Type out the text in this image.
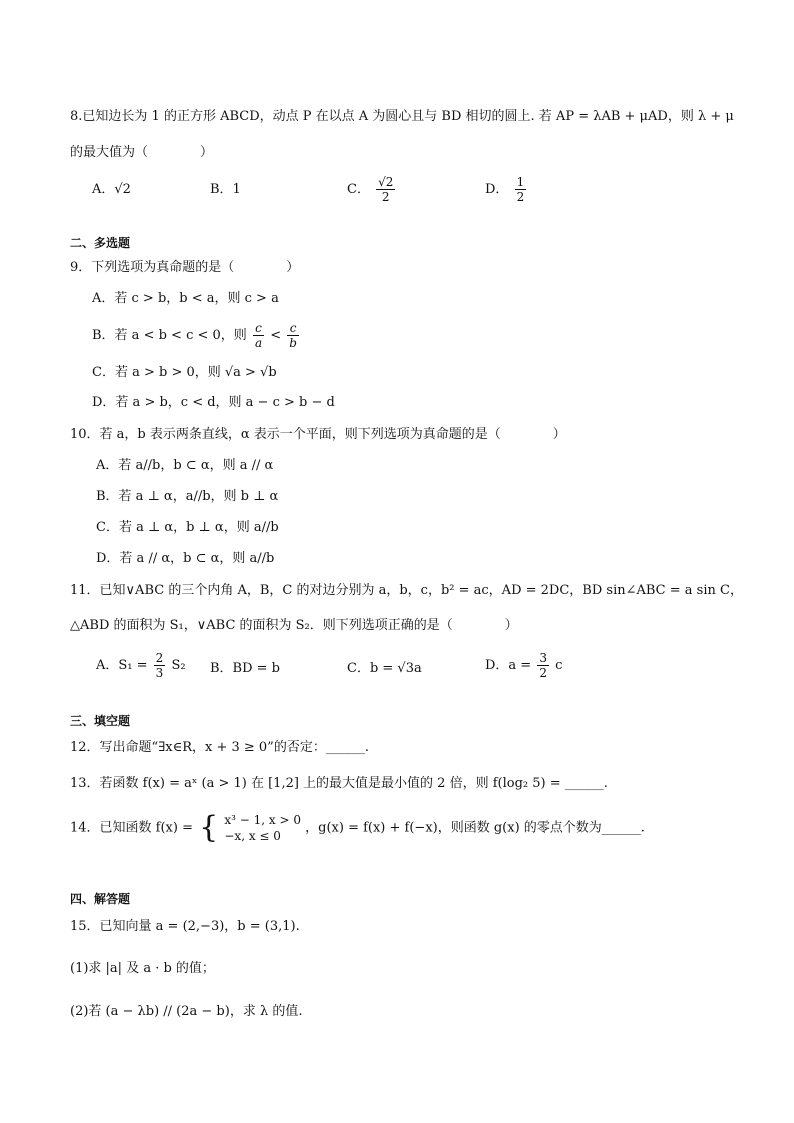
8.已知边长为 1 的正方形 ABCD，动点 P 在以点 A 为圆心且与 BD 相切的圆上. 若 AP = λAB + μAD，则 λ + μ
的最大值为（　　　　）
A．√2	B．1	C． $\frac{√2}{2}$	D． $\frac{1}{2}$
二、多选题
9．下列选项为真命题的是（　　　　）
A．若 c > b，b < a，则 c > a
B．若 a < b < c < 0，则 $\frac{c}{a} < \frac{c}{b}$
C．若 a > b > 0，则 √a > √b
D．若 a > b，c < d，则 a − c > b − d
10．若 a，b 表示两条直线，α 表示一个平面，则下列选项为真命题的是（　　　　）
A．若 a//b，b ⊂ α，则 a // α
B．若 a ⊥ α，a//b，则 b ⊥ α
C．若 a ⊥ α，b ⊥ α，则 a//b
D．若 a // α，b ⊂ α，则 a//b
11．已知∨ABC 的三个内角 A，B，C 的对边分别为 a，b，c，b² = ac，AD = 2DC，BD sin∠ABC = a sin C，
△ABD 的面积为 S₁，∨ABC 的面积为 S₂．则下列选项正确的是（　　　　）
A．$S_1 = \frac{2}{3} S_2$ B．BD = b	C．b = √3a	D．$a = \frac{3}{2}$ c
三、填空题
12．写出命题“∃x∈R，x + 3 ≥ 0”的否定：______.
13．若函数 f(x) = aˣ (a > 1) 在 [1,2] 上的最大值是最小值的 2 倍，则 f(log₂ 5) = ______.
14．已知函数 f(x) = { x³ − 1, x > 0
−x, x ≤ 0
，g(x) = f(x) + f(−x)，则函数 g(x) 的零点个数为______.
四、解答题
15．已知向量 a = (2,−3)，b = (3,1).
(1)求 |a| 及 a · b 的值；
(2)若 (a − λb) // (2a − b)，求 λ 的值.
